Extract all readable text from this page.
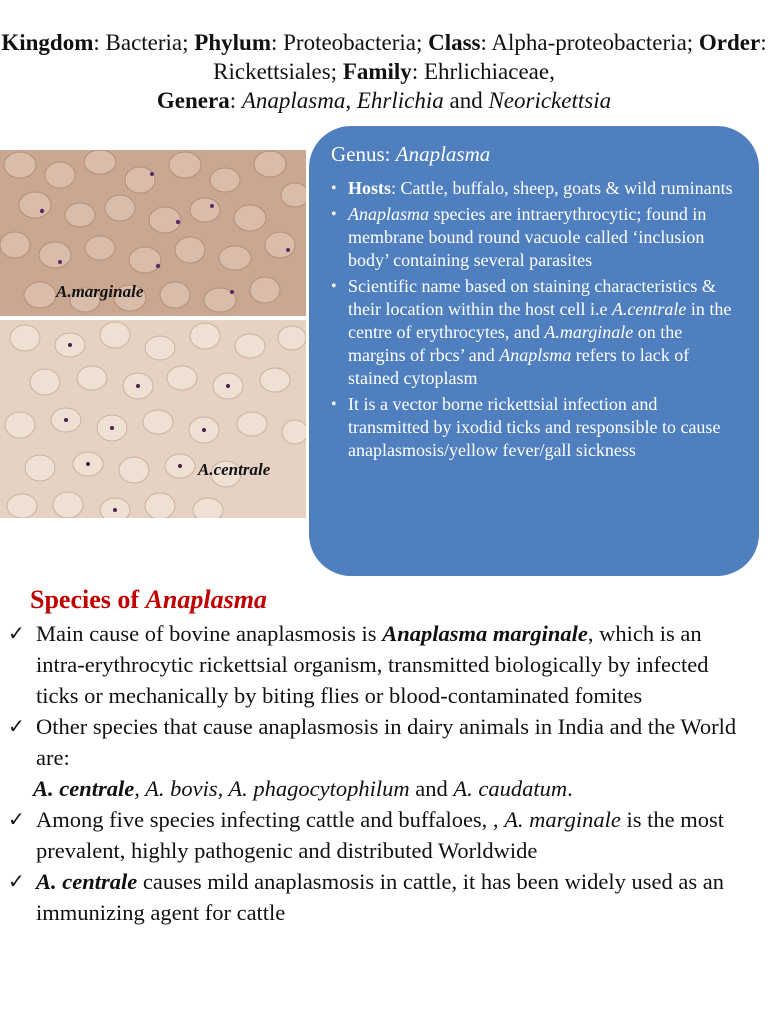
Kingdom: Bacteria; Phylum: Proteobacteria; Class: Alpha-proteobacteria; Order: Rickettsiales; Family: Ehrlichiaceae,
Genera: Anaplasma, Ehrlichia and Neorickettsia
A.marginale
A.centrale

Genus: Anaplasma

• Hosts: Cattle, buffalo, sheep, goats & wild ruminants
• Anaplasma species are intraerythrocytic; found in membrane bound round vacuole called ‘inclusion body’ containing several parasites
• Scientific name based on staining characteristics & their location within the host cell i.e A.centrale in the centre of erythrocytes, and A.marginale on the margins of rbcs’ and Anaplsma refers to lack of stained cytoplasm
• It is a vector borne rickettsial infection and transmitted by ixodid ticks and responsible to cause anaplasmosis/yellow fever/gall sickness

Species of Anaplasma

✓ Main cause of bovine anaplasmosis is Anaplasma marginale, which is an intra-erythrocytic rickettsial organism, transmitted biologically by infected ticks or mechanically by biting flies or blood-contaminated fomites
✓ Other species that cause anaplasmosis in dairy animals in India and the World are:
A. centrale, A. bovis, A. phagocytophilum and A. caudatum.
✓ Among five species infecting cattle and buffaloes, , A. marginale is the most prevalent, highly pathogenic and distributed Worldwide
✓ A. centrale causes mild anaplasmosis in cattle, it has been widely used as an immunizing agent for cattle
